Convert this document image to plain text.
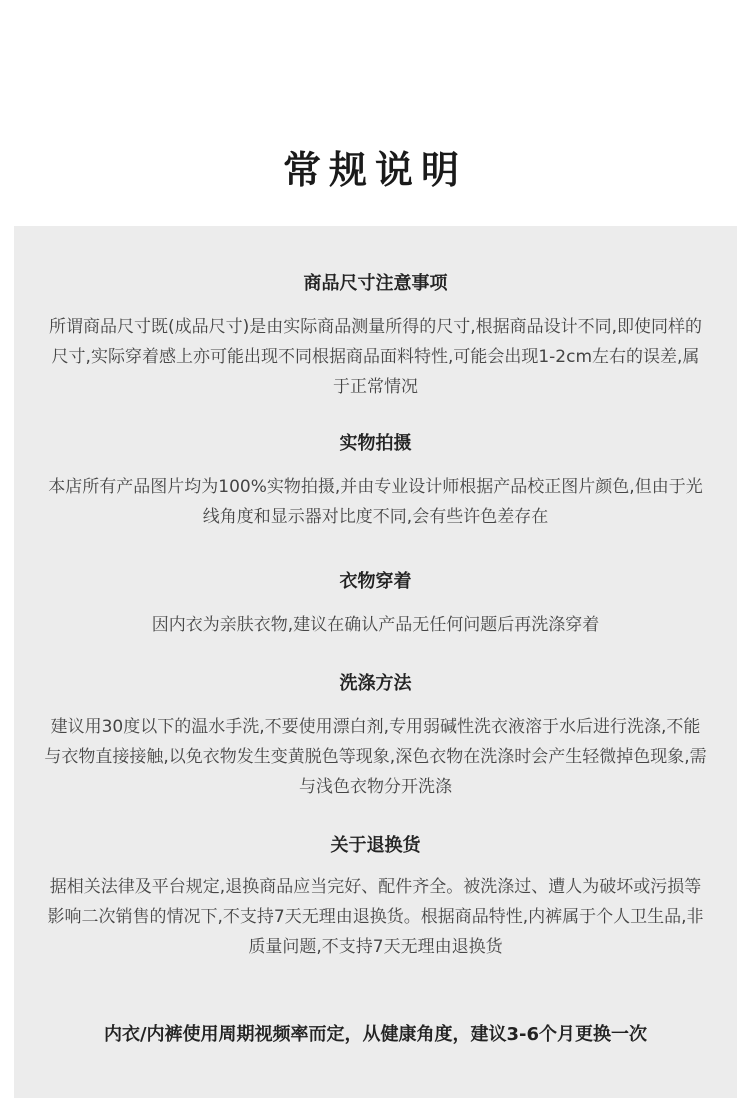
常规说明
商品尺寸注意事项
所谓商品尺寸既(成品尺寸)是由实际商品测量所得的尺寸,根据商品设计不同,即使同样的尺寸,实际穿着感上亦可能出现不同根据商品面料特性,可能会出现1-2cm左右的误差,属于正常情况
实物拍摄
本店所有产品图片均为100%实物拍摄,并由专业设计师根据产品校正图片颜色,但由于光线角度和显示器对比度不同,会有些许色差存在
衣物穿着
因内衣为亲肤衣物,建议在确认产品无任何问题后再洗涤穿着
洗涤方法
建议用30度以下的温水手洗,不要使用漂白剂,专用弱碱性洗衣液溶于水后进行洗涤,不能与衣物直接接触,以免衣物发生变黄脱色等现象,深色衣物在洗涤时会产生轻微掉色现象,需与浅色衣物分开洗涤
关于退换货
据相关法律及平台规定,退换商品应当完好、配件齐全。被洗涤过、遭人为破坏或污损等影响二次销售的情况下,不支持7天无理由退换货。根据商品特性,内裤属于个人卫生品,非质量问题,不支持7天无理由退换货
内衣/内裤使用周期视频率而定，从健康角度，建议3-6个月更换一次
